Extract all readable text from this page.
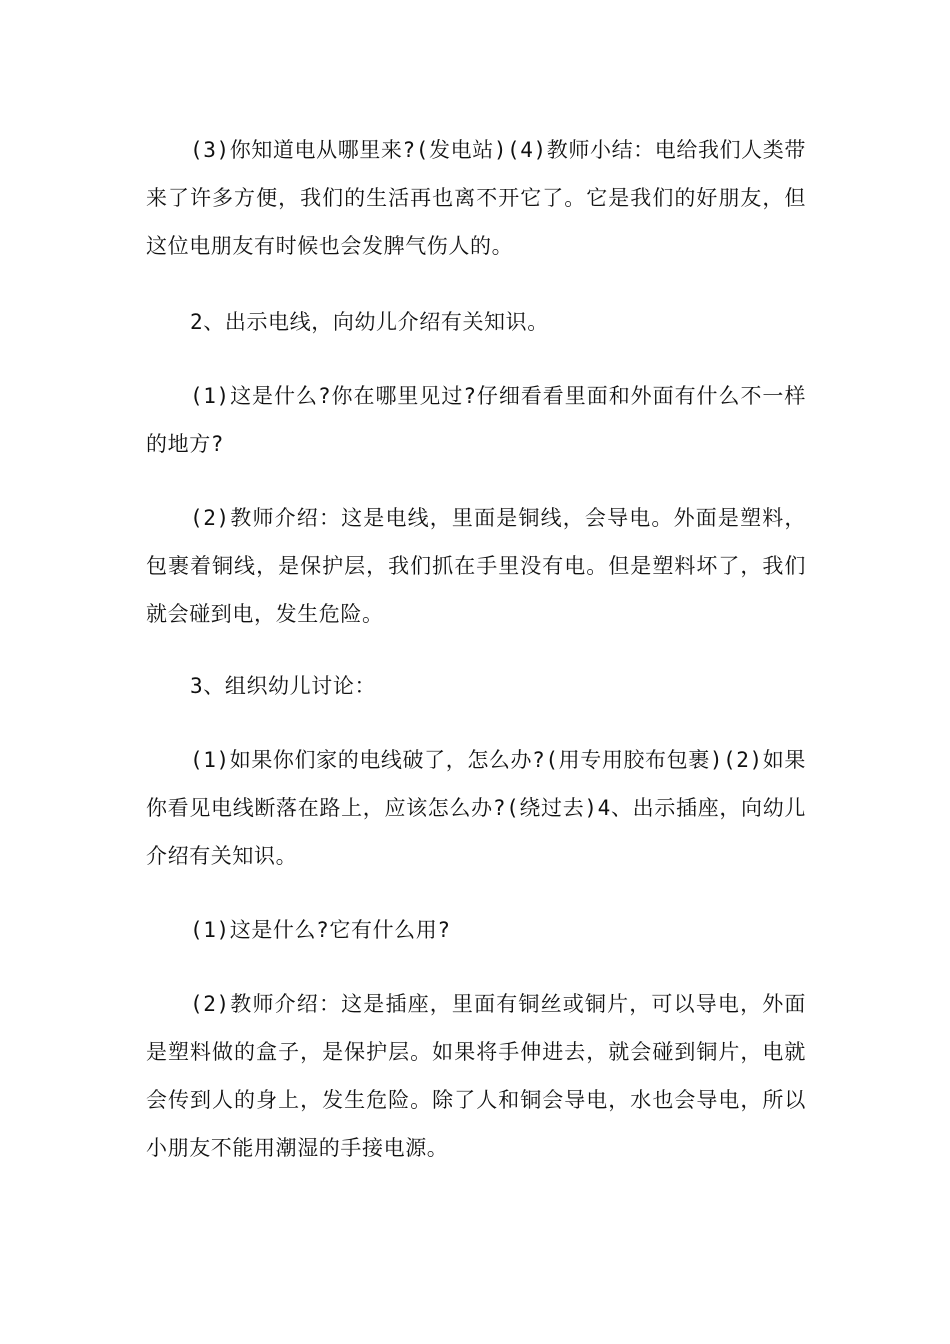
(3)你知道电从哪里来?(发电站)(4)教师小结：电给我们人类带来了许多方便，我们的生活再也离不开它了。它是我们的好朋友，但这位电朋友有时候也会发脾气伤人的。

2、出示电线，向幼儿介绍有关知识。

(1)这是什么?你在哪里见过?仔细看看里面和外面有什么不一样的地方?

(2)教师介绍：这是电线，里面是铜线，会导电。外面是塑料，包裹着铜线，是保护层，我们抓在手里没有电。但是塑料坏了，我们就会碰到电，发生危险。

3、组织幼儿讨论：

(1)如果你们家的电线破了，怎么办?(用专用胶布包裹)(2)如果你看见电线断落在路上，应该怎么办?(绕过去)4、出示插座，向幼儿介绍有关知识。

(1)这是什么?它有什么用?

(2)教师介绍：这是插座，里面有铜丝或铜片，可以导电，外面是塑料做的盒子，是保护层。如果将手伸进去，就会碰到铜片，电就会传到人的身上，发生危险。除了人和铜会导电，水也会导电，所以小朋友不能用潮湿的手接电源。
